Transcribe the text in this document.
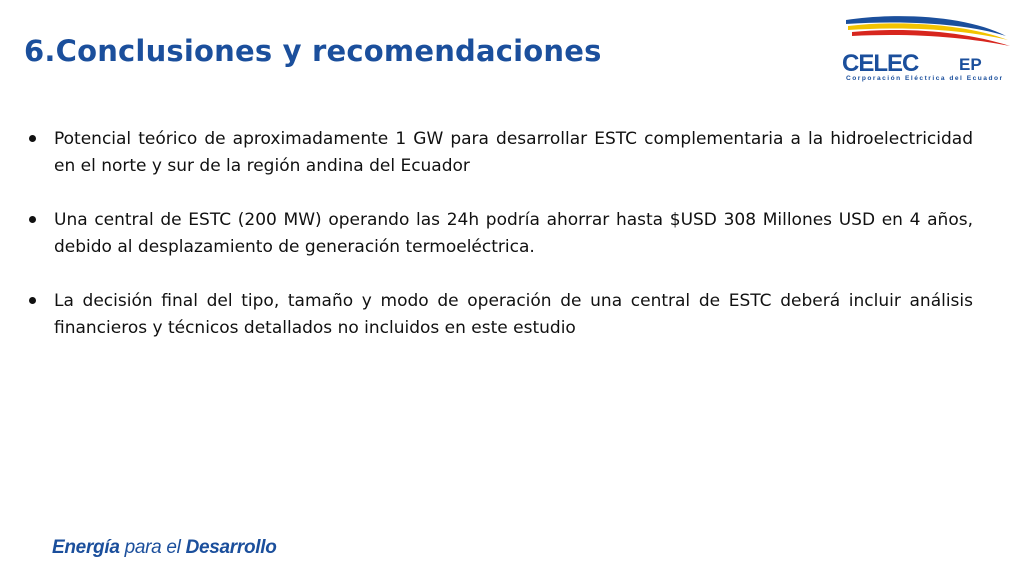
6.Conclusiones y recomendaciones	CELEC EP
Corporación Eléctrica del Ecuador
Potencial teórico de aproximadamente 1 GW para desarrollar ESTC complementaria a la hidroelectricidad en el norte y sur de la región andina del Ecuador
Una central de ESTC (200 MW) operando las 24h podría ahorrar hasta $USD 308 Millones USD en 4 años, debido al desplazamiento de generación termoeléctrica.
La decisión final del tipo, tamaño y modo de operación de una central de ESTC deberá incluir análisis financieros y técnicos detallados no incluidos en este estudio
Energía para el Desarrollo
